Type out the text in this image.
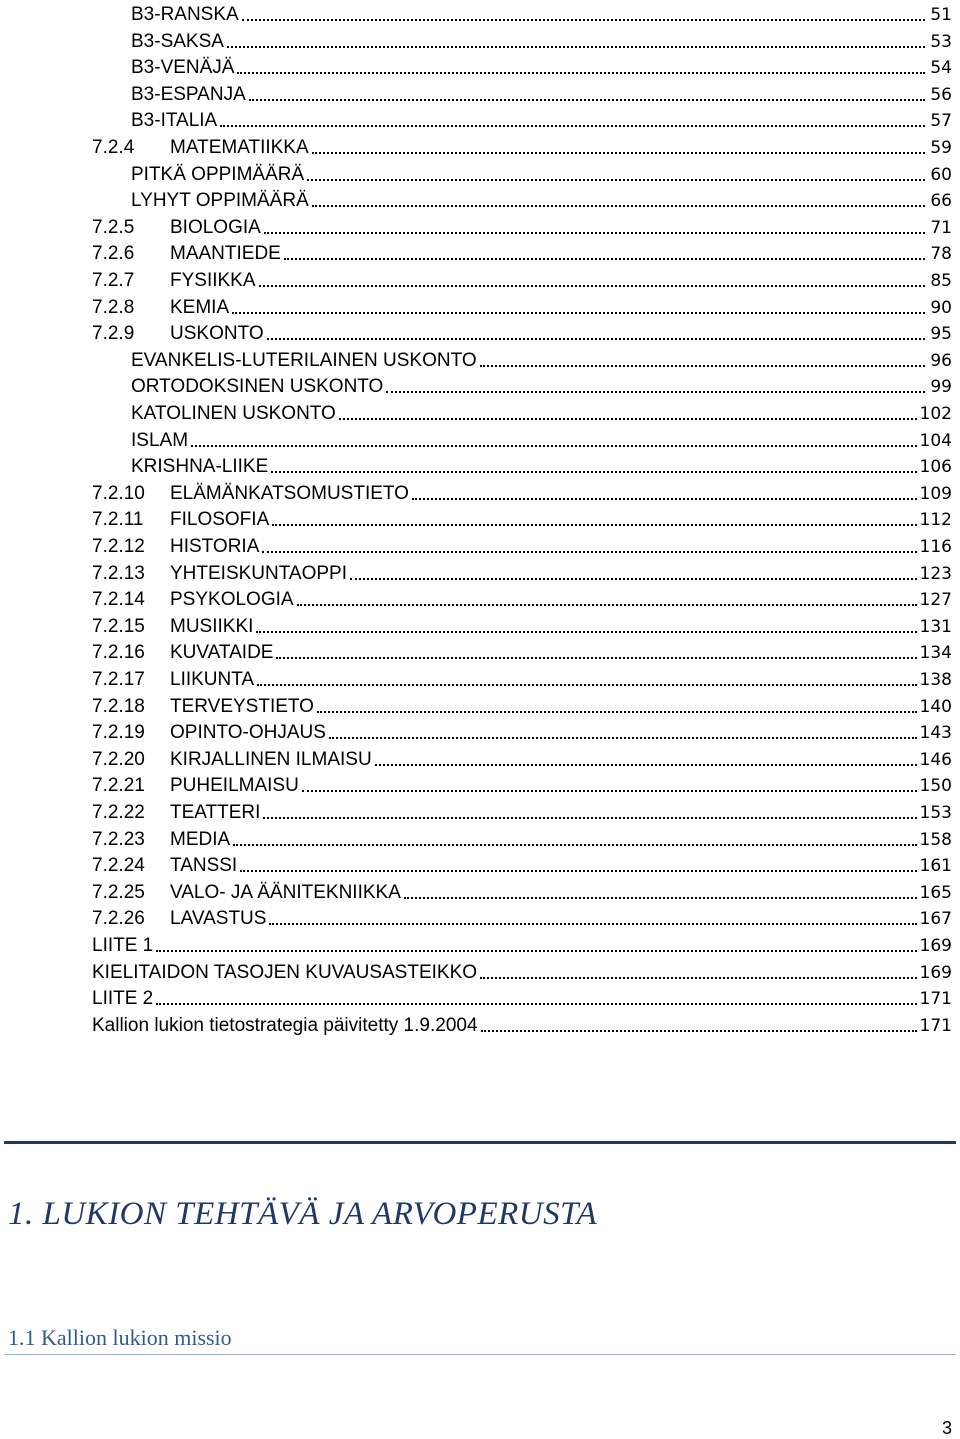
B3-RANSKA	51
B3-SAKSA	53
B3-VENÄJÄ	54
B3-ESPANJA	56
B3-ITALIA	57
7.2.4 MATEMATIIKKA	59
PITKÄ OPPIMÄÄRÄ	60
LYHYT OPPIMÄÄRÄ	66
7.2.5 BIOLOGIA	71
7.2.6 MAANTIEDE	78
7.2.7 FYSIIKKA	85
7.2.8 KEMIA	90
7.2.9 USKONTO	95
EVANKELIS-LUTERILAINEN USKONTO	96
ORTODOKSINEN USKONTO	99
KATOLINEN USKONTO	102
ISLAM	104
KRISHNA-LIIKE	106
7.2.10 ELÄMÄNKATSOMUSTIETO	109
7.2.11 FILOSOFIA	112
7.2.12 HISTORIA	116
7.2.13 YHTEISKUNTAOPPI	123
7.2.14 PSYKOLOGIA	127
7.2.15 MUSIIKKI	131
7.2.16 KUVATAIDE	134
7.2.17 LIIKUNTA	138
7.2.18 TERVEYSTIETO	140
7.2.19 OPINTO-OHJAUS	143
7.2.20 KIRJALLINEN ILMAISU	146
7.2.21 PUHEILMAISU	150
7.2.22 TEATTERI	153
7.2.23 MEDIA	158
7.2.24 TANSSI	161
7.2.25 VALO- JA ÄÄNITEKNIIKKA	165
7.2.26 LAVASTUS	167
LIITE 1	169
KIELITAIDON TASOJEN KUVAUSASTEIKKO	169
LIITE 2	171
Kallion lukion tietostrategia päivitetty 1.9.2004	171
1. LUKION TEHTÄVÄ JA ARVOPERUSTA
1.1 Kallion lukion missio
3
